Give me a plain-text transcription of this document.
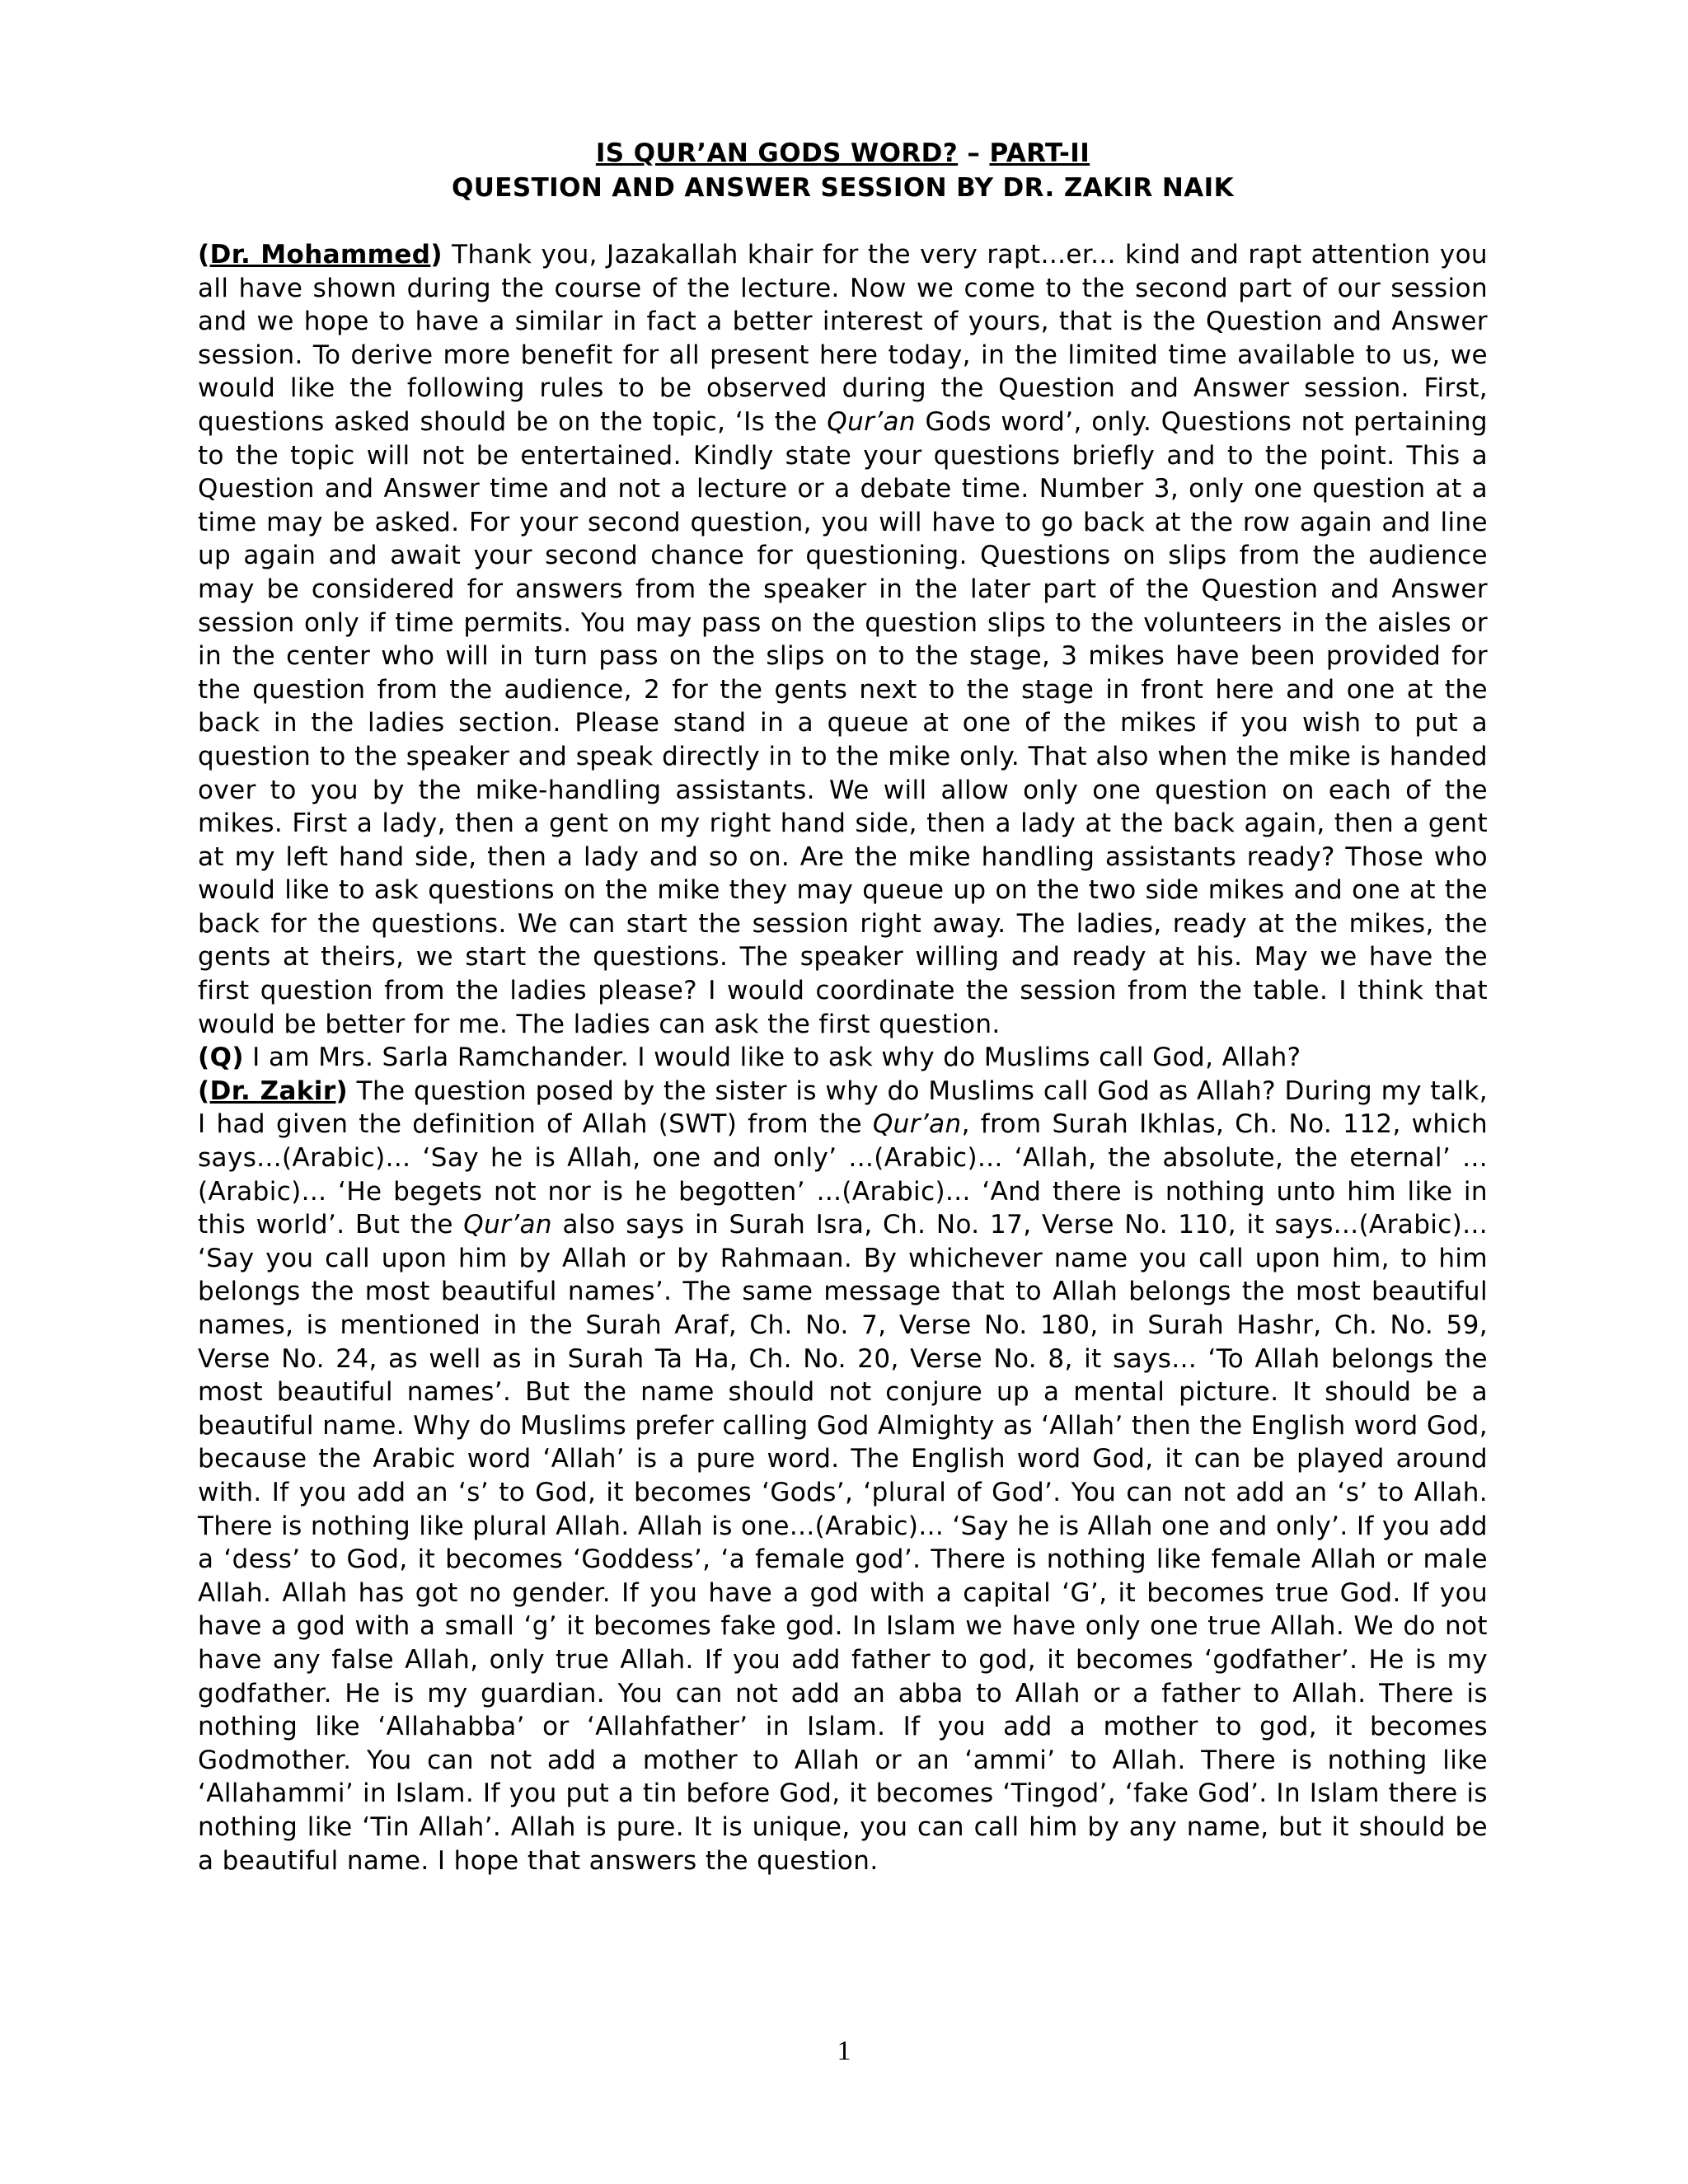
IS QUR’AN GODS WORD? – PART-II
QUESTION AND ANSWER SESSION BY DR. ZAKIR NAIK

(Dr. Mohammed) Thank you, Jazakallah khair for the very rapt...er... kind and rapt attention you all have shown during the course of the lecture. Now we come to the second part of our session and we hope to have a similar in fact a better interest of yours, that is the Question and Answer session. To derive more benefit for all present here today, in the limited time available to us, we would like the following rules to be observed during the Question and Answer session. First, questions asked should be on the topic, ‘Is the Qur’an Gods word’, only. Questions not pertaining to the topic will not be entertained. Kindly state your questions briefly and to the point. This a Question and Answer time and not a lecture or a debate time. Number 3, only one question at a time may be asked. For your second question, you will have to go back at the row again and line up again and await your second chance for questioning. Questions on slips from the audience may be considered for answers from the speaker in the later part of the Question and Answer session only if time permits. You may pass on the question slips to the volunteers in the aisles or in the center who will in turn pass on the slips on to the stage, 3 mikes have been provided for the question from the audience, 2 for the gents next to the stage in front here and one at the back in the ladies section. Please stand in a queue at one of the mikes if you wish to put a question to the speaker and speak directly in to the mike only. That also when the mike is handed over to you by the mike-handling assistants. We will allow only one question on each of the mikes. First a lady, then a gent on my right hand side, then a lady at the back again, then a gent at my left hand side, then a lady and so on. Are the mike handling assistants ready? Those who would like to ask questions on the mike they may queue up on the two side mikes and one at the back for the questions. We can start the session right away. The ladies, ready at the mikes, the gents at theirs, we start the questions. The speaker willing and ready at his. May we have the first question from the ladies please? I would coordinate the session from the table. I think that would be better for me. The ladies can ask the first question.

(Q) I am Mrs. Sarla Ramchander. I would like to ask why do Muslims call God, Allah?

(Dr. Zakir) The question posed by the sister is why do Muslims call God as Allah? During my talk, I had given the definition of Allah (SWT) from the Qur’an, from Surah Ikhlas, Ch. No. 112, which says...(Arabic)... ‘Say he is Allah, one and only’ ...(Arabic)... ‘Allah, the absolute, the eternal’ ...(Arabic)... ‘He begets not nor is he begotten’ ...(Arabic)... ‘And there is nothing unto him like in this world’. But the Qur’an also says in Surah Isra, Ch. No. 17, Verse No. 110, it says...(Arabic)... ‘Say you call upon him by Allah or by Rahmaan. By whichever name you call upon him, to him belongs the most beautiful names’. The same message that to Allah belongs the most beautiful names, is mentioned in the Surah Araf, Ch. No. 7, Verse No. 180, in Surah Hashr, Ch. No. 59, Verse No. 24, as well as in Surah Ta Ha, Ch. No. 20, Verse No. 8, it says... ‘To Allah belongs the most beautiful names’. But the name should not conjure up a mental picture. It should be a beautiful name. Why do Muslims prefer calling God Almighty as ‘Allah’ then the English word God, because the Arabic word ‘Allah’ is a pure word. The English word God, it can be played around with. If you add an ‘s’ to God, it becomes ‘Gods’, ‘plural of God’. You can not add an ‘s’ to Allah. There is nothing like plural Allah. Allah is one...(Arabic)... ‘Say he is Allah one and only’. If you add a ‘dess’ to God, it becomes ‘Goddess’, ‘a female god’. There is nothing like female Allah or male Allah. Allah has got no gender. If you have a god with a capital ‘G’, it becomes true God. If you have a god with a small ‘g’ it becomes fake god. In Islam we have only one true Allah. We do not have any false Allah, only true Allah. If you add father to god, it becomes ‘godfather’. He is my godfather. He is my guardian. You can not add an abba to Allah or a father to Allah. There is nothing like ‘Allahabba’ or ‘Allahfather’ in Islam. If you add a mother to god, it becomes Godmother. You can not add a mother to Allah or an ‘ammi’ to Allah. There is nothing like ‘Allahammi’ in Islam. If you put a tin before God, it becomes ‘Tingod’, ‘fake God’. In Islam there is nothing like ‘Tin Allah’. Allah is pure. It is unique, you can call him by any name, but it should be a beautiful name. I hope that answers the question.

1
